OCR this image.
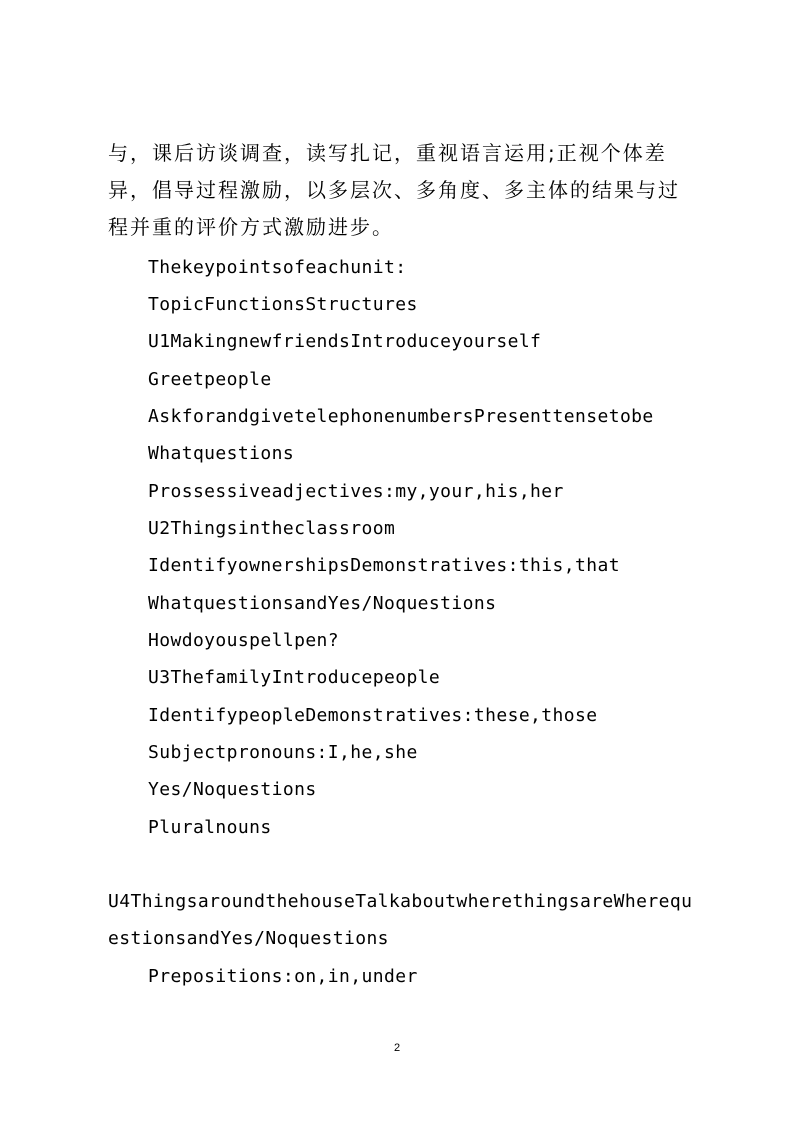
与，课后访谈调查，读写扎记，重视语言运用;正视个体差异，倡导过程激励，以多层次、多角度、多主体的结果与过程并重的评价方式激励进步。

Thekeypointsofeachunit:

TopicFunctionsStructures

U1MakingnewfriendsIntroduceyourself

Greetpeople

AskforandgivetelephonenumbersPresenttensetobe

Whatquestions

Prossessiveadjectives:my,your,his,her

U2Thingsintheclassroom

IdentifyownershipsDemonstratives:this,that

WhatquestionsandYes/Noquestions

Howdoyouspellpen?

U3ThefamilyIntroducepeople

IdentifypeopleDemonstratives:these,those

Subjectpronouns:I,he,she

Yes/Noquestions

Pluralnouns

U4ThingsaroundthehouseTalkaboutwherethingsareWherequestionsandYes/Noquestions

Prepositions:on,in,under

2
